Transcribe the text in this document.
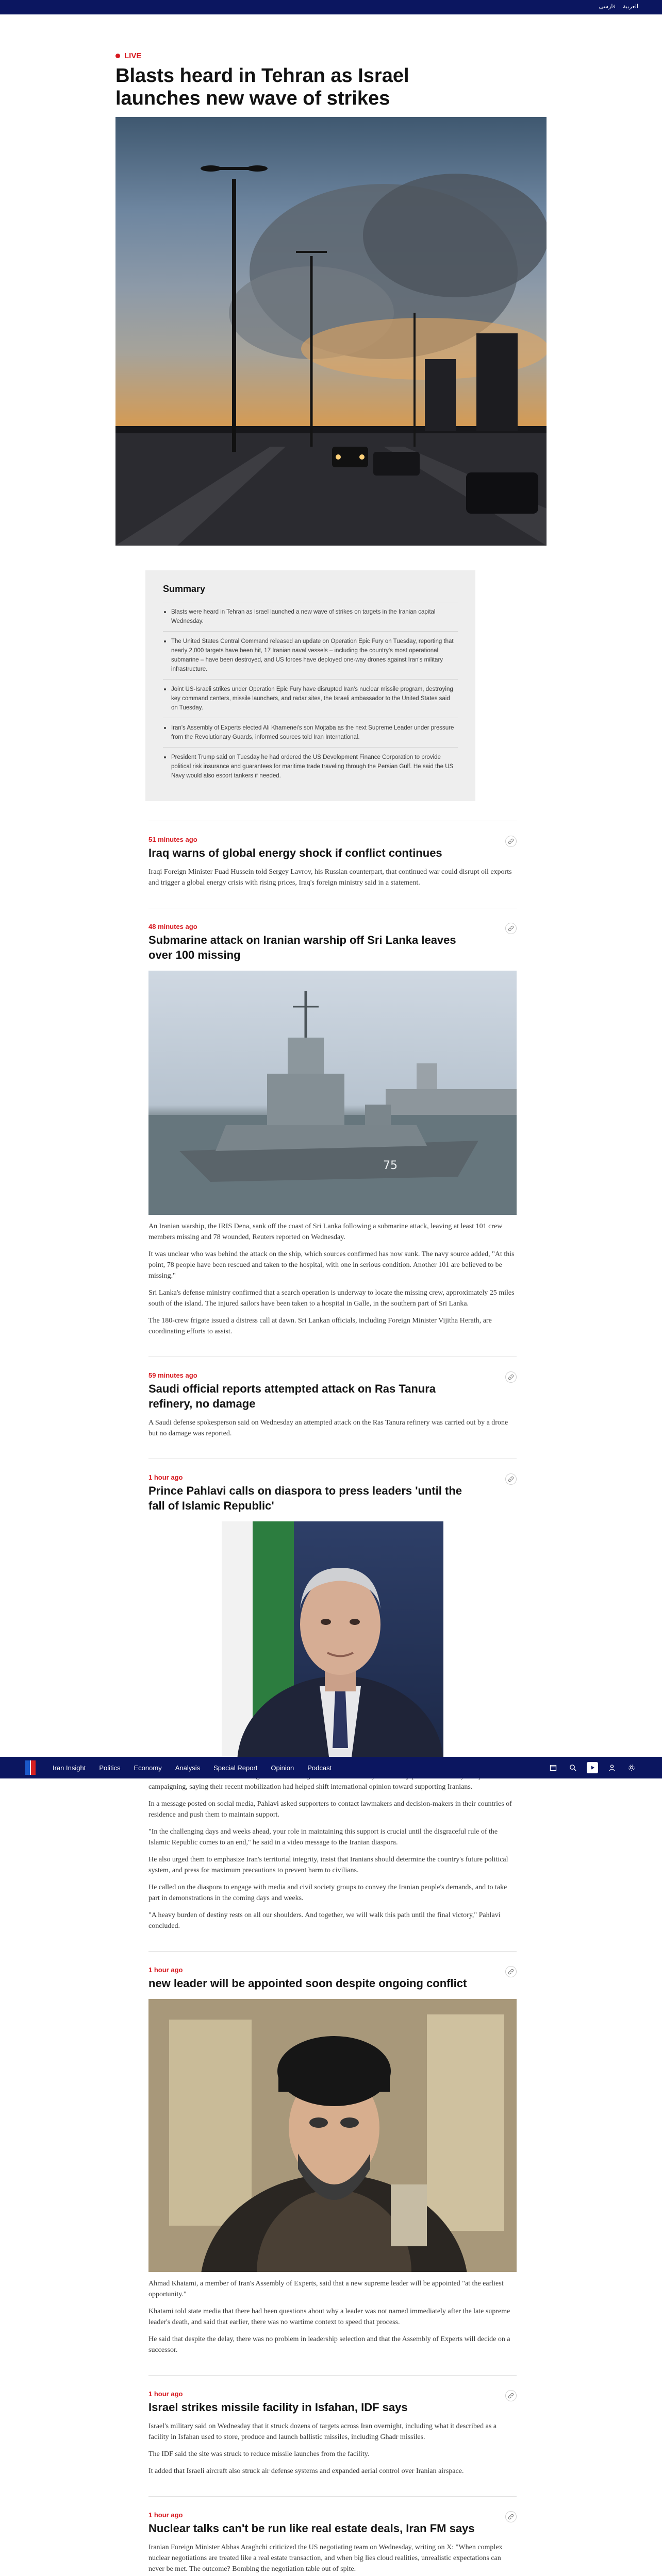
فارسی العربية
LIVE
Blasts heard in Tehran as Israel launches new wave of strikes
Summary
Blasts were heard in Tehran as Israel launched a new wave of strikes on targets in the Iranian capital Wednesday.
The United States Central Command released an update on Operation Epic Fury on Tuesday, reporting that nearly 2,000 targets have been hit, 17 Iranian naval vessels – including the country's most operational submarine – have been destroyed, and US forces have deployed one-way drones against Iran's military infrastructure.
Joint US-Israeli strikes under Operation Epic Fury have disrupted Iran's nuclear missile program, destroying key command centers, missile launchers, and radar sites, the Israeli ambassador to the United States said on Tuesday.
Iran's Assembly of Experts elected Ali Khamenei's son Mojtaba as the next Supreme Leader under pressure from the Revolutionary Guards, informed sources told Iran International.
President Trump said on Tuesday he had ordered the US Development Finance Corporation to provide political risk insurance and guarantees for maritime trade traveling through the Persian Gulf. He said the US Navy would also escort tankers if needed.
51 minutes ago
Iraq warns of global energy shock if conflict continues

Iraqi Foreign Minister Fuad Hussein told Sergey Lavrov, his Russian counterpart, that continued war could disrupt oil exports and trigger a global energy crisis with rising prices, Iraq's foreign ministry said in a statement.

48 minutes ago
Submarine attack on Iranian warship off Sri Lanka leaves over 100 missing
75

An Iranian warship, the IRIS Dena, sank off the coast of Sri Lanka following a submarine attack, leaving at least 101 crew members missing and 78 wounded, Reuters reported on Wednesday.

It was unclear who was behind the attack on the ship, which sources confirmed has now sunk. The navy source added, "At this point, 78 people have been rescued and taken to the hospital, with one in serious condition. Another 101 are believed to be missing."

Sri Lanka's defense ministry confirmed that a search operation is underway to locate the missing crew, approximately 25 miles south of the island. The injured sailors have been taken to a hospital in Galle, in the southern part of Sri Lanka.

The 180-crew frigate issued a distress call at dawn. Sri Lankan officials, including Foreign Minister Vijitha Herath, are coordinating efforts to assist.

59 minutes ago
Saudi official reports attempted attack on Ras Tanura refinery, no damage

A Saudi defense spokesperson said on Wednesday an attempted attack on the Ras Tanura refinery was carried out by a drone but no damage was reported.

1 hour ago
Prince Pahlavi calls on diaspora to press leaders 'until the fall of Islamic Republic'

campaigning, saying their recent mobilization had helped shift international opinion toward supporting Iranians.

In a message posted on social media, Pahlavi asked supporters to contact lawmakers and decision-makers in their countries of residence and push them to maintain support.

"In the challenging days and weeks ahead, your role in maintaining this support is crucial until the disgraceful rule of the Islamic Republic comes to an end," he said in a video message to the Iranian diaspora.

He also urged them to emphasize Iran's territorial integrity, insist that Iranians should determine the country's future political system, and press for maximum precautions to prevent harm to civilians.

He called on the diaspora to engage with media and civil society groups to convey the Iranian people's demands, and to take part in demonstrations in the coming days and weeks.

"A heavy burden of destiny rests on all our shoulders. And together, we will walk this path until the final victory," Pahlavi concluded.

1 hour ago
new leader will be appointed soon despite ongoing conflict

Ahmad Khatami, a member of Iran's Assembly of Experts, said that a new supreme leader will be appointed "at the earliest opportunity."

Khatami told state media that there had been questions about why a leader was not named immediately after the late supreme leader's death, and said that earlier, there was no wartime context to speed that process.

He said that despite the delay, there was no problem in leadership selection and that the Assembly of Experts will decide on a successor.

1 hour ago
Israel strikes missile facility in Isfahan, IDF says

Israel's military said on Wednesday that it struck dozens of targets across Iran overnight, including what it described as a facility in Isfahan used to store, produce and launch ballistic missiles, including Ghadr missiles.

The IDF said the site was struck to reduce missile launches from the facility.

It added that Israeli aircraft also struck air defense systems and expanded aerial control over Iranian airspace.

1 hour ago
Nuclear talks can't be run like real estate deals, Iran FM says

Iranian Foreign Minister Abbas Araghchi criticized the US negotiating team on Wednesday, writing on X: "When complex nuclear negotiations are treated like a real estate transaction, and when big lies cloud realities, unrealistic expectations can never be met. The outcome? Bombing the negotiation table out of spite.

Iran Insight Politics Economy Analysis Special Report Opinion Podcast
